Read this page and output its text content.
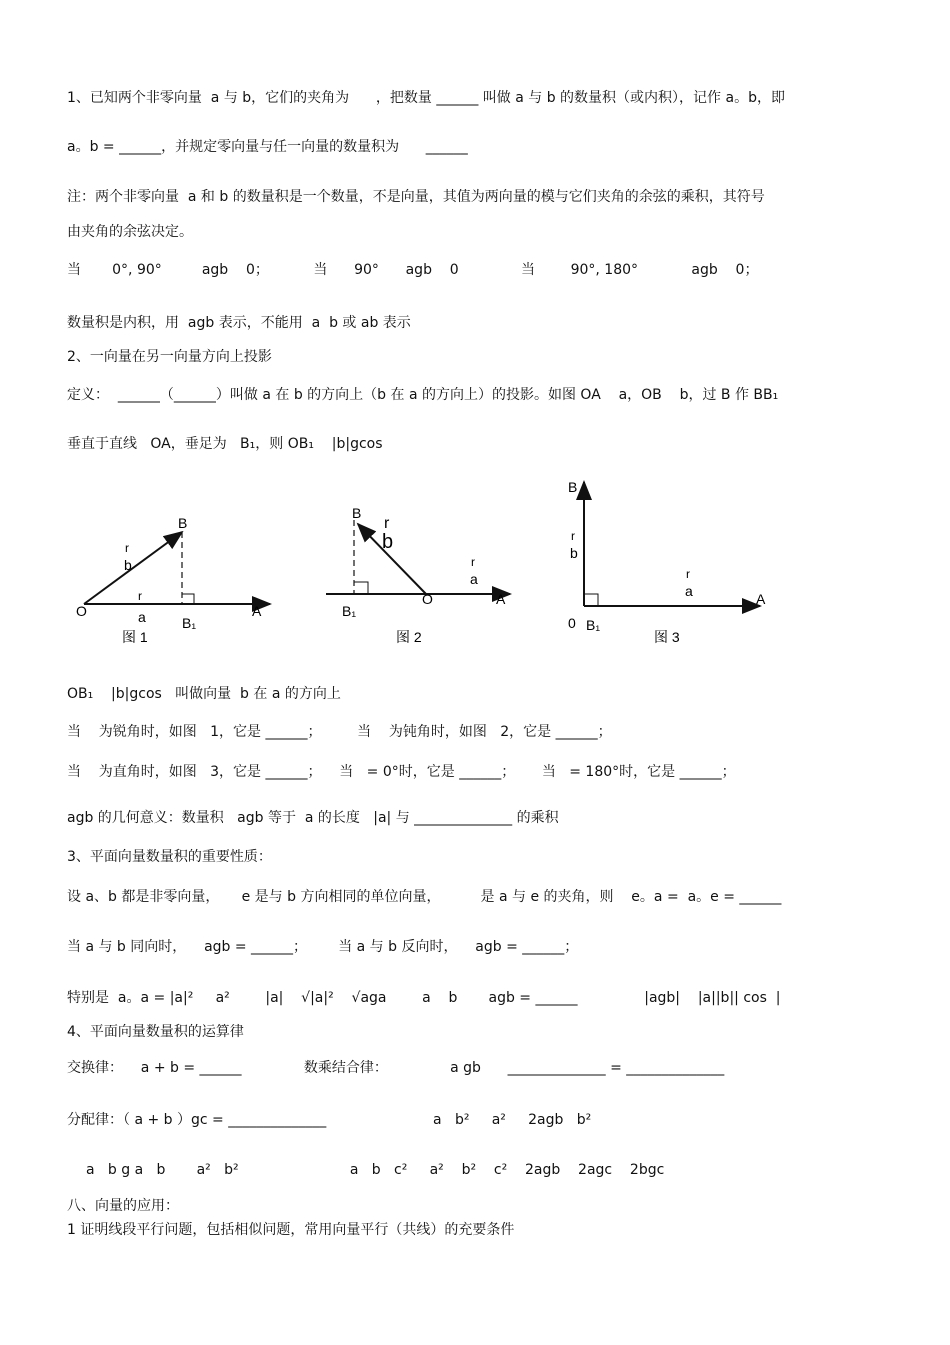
1、已知两个非零向量  a 与 b，它们的夹角为      ，把数量 ______ 叫做 a 与 b 的数量积（或内积），记作 a。b，即
a。b = ______，并规定零向量与任一向量的数量积为      ______
注：两个非零向量  a 和 b 的数量积是一个数量，不是向量，其值为两向量的模与它们夹角的余弦的乘积，其符号
由夹角的余弦决定。
当       0°, 90°         agb    0；          当      90°      agb    0              当        90°, 180°            agb    0；
数量积是内积，用  agb 表示，不能用  a  b 或 ab 表示
2、一向量在另一向量方向上投影
定义：  ______（______）叫做 a 在 b 的方向上（b 在 a 的方向上）的投影。如图 OA    a，OB    b，过 B 作 BB₁
垂直于直线   OA，垂足为   B₁，则 OB₁    |b|gcos
O	A
B
B₁
r
a
r
b
图 1
O	A
B
B₁
r
b
r
a
图 2
B
A
0 B₁
r
b
r
a
图 3
OB₁    |b|gcos   叫做向量  b 在 a 的方向上
当    为锐角时，如图   1，它是 ______；        当    为钝角时，如图   2，它是 ______；
当    为直角时，如图   3，它是 ______；    当   = 0°时，它是 ______；      当   = 180°时，它是 ______；
agb 的几何意义：数量积   agb 等于  a 的长度   |a| 与 ______________ 的乘积
3、平面向量数量积的重要性质：
设 a、b 都是非零向量，     e 是与 b 方向相同的单位向量，         是 a 与 e 的夹角，则    e。a =  a。e = ______
当 a 与 b 同向时，    agb = ______；       当 a 与 b 反向时，    agb = ______；
特别是  a。a = |a|²     a²        |a|    √|a|²    √aga        a    b       agb = ______               |agb|    |a||b|| cos  |
4、平面向量数量积的运算律
交换律：    a + b = ______              数乘结合律：              a gb      ______________ = ______________
分配律：（ a + b ）gc = ______________                        a   b²     a²     2agb   b²
a   b g a   b       a²   b²                         a   b   c²     a²    b²    c²    2agb    2agc    2bgc
八、向量的应用：
1 证明线段平行问题，包括相似问题，常用向量平行（共线）的充要条件
